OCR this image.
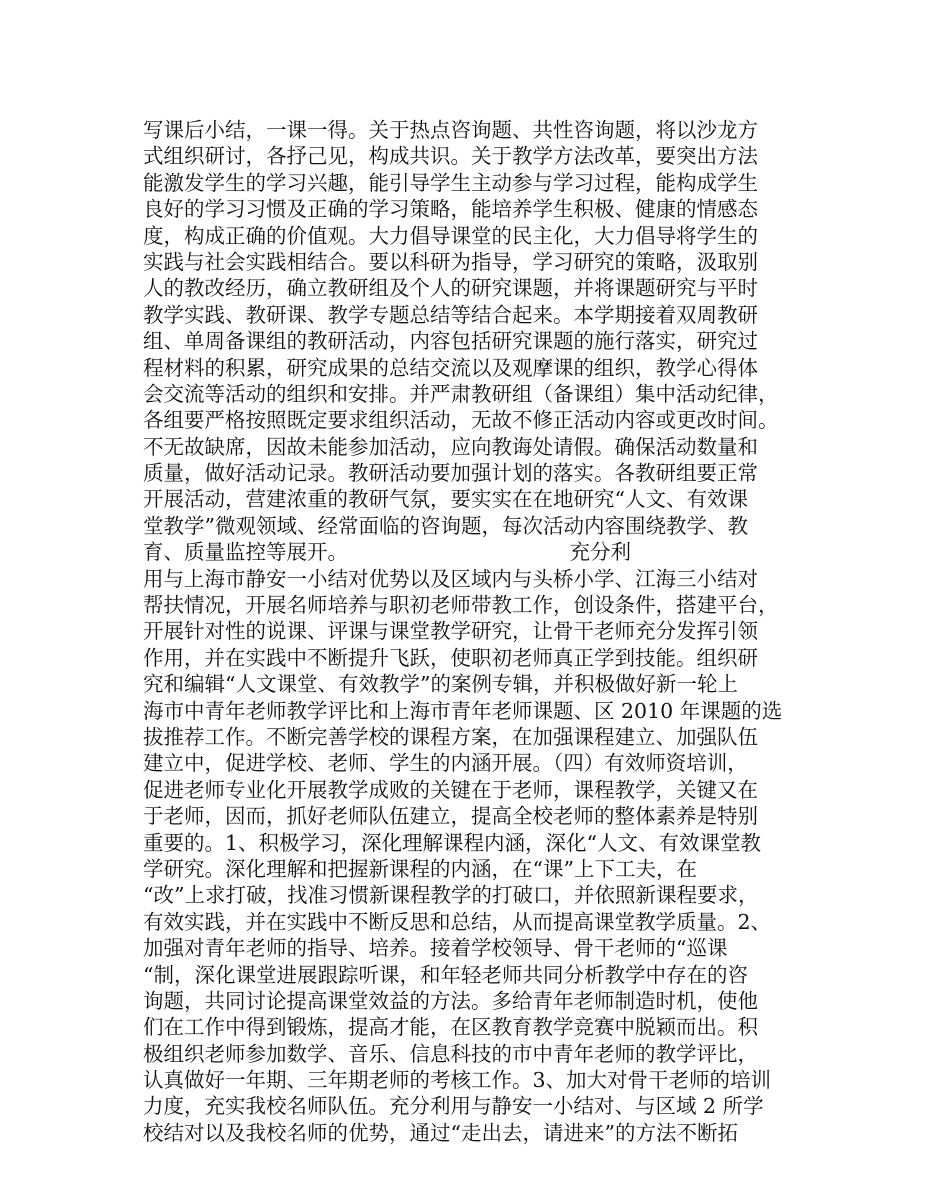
写课后小结，一课一得。关于热点咨询题、共性咨询题，将以沙龙方
式组织研讨，各抒己见，构成共识。关于教学方法改革，要突出方法
能激发学生的学习兴趣，能引导学生主动参与学习过程，能构成学生
良好的学习习惯及正确的学习策略，能培养学生积极、健康的情感态
度，构成正确的价值观。大力倡导课堂的民主化，大力倡导将学生的
实践与社会实践相结合。要以科研为指导，学习研究的策略，汲取别
人的教改经历，确立教研组及个人的研究课题，并将课题研究与平时
教学实践、教研课、教学专题总结等结合起来。本学期接着双周教研
组、单周备课组的教研活动，内容包括研究课题的施行落实，研究过
程材料的积累，研究成果的总结交流以及观摩课的组织，教学心得体
会交流等活动的组织和安排。并严肃教研组（备课组）集中活动纪律，
各组要严格按照既定要求组织活动，无故不修正活动内容或更改时间。
不无故缺席，因故未能参加活动，应向教诲处请假。确保活动数量和
质量，做好活动记录。教研活动要加强计划的落实。各教研组要正常
开展活动，营建浓重的教研气氛，要实实在在地研究“人文、有效课
堂教学”微观领域、经常面临的咨询题，每次活动内容围绕教学、教
育、质量监控等展开。                                  充分利
用与上海市静安一小结对优势以及区域内与头桥小学、江海三小结对
帮扶情况，开展名师培养与职初老师带教工作，创设条件，搭建平台，
开展针对性的说课、评课与课堂教学研究，让骨干老师充分发挥引领
作用，并在实践中不断提升飞跃，使职初老师真正学到技能。组织研
究和编辑“人文课堂、有效教学”的案例专辑，并积极做好新一轮上
海市中青年老师教学评比和上海市青年老师课题、区 2010 年课题的选
拔推荐工作。不断完善学校的课程方案，在加强课程建立、加强队伍
建立中，促进学校、老师、学生的内涵开展。（四）有效师资培训，
促进老师专业化开展教学成败的关键在于老师，课程教学，关键又在
于老师，因而，抓好老师队伍建立，提高全校老师的整体素养是特别
重要的。1、积极学习，深化理解课程内涵，深化“人文、有效课堂教
学研究。深化理解和把握新课程的内涵，在“课”上下工夫，在
“改”上求打破，找准习惯新课程教学的打破口，并依照新课程要求，
有效实践，并在实践中不断反思和总结，从而提高课堂教学质量。2、
加强对青年老师的指导、培养。接着学校领导、骨干老师的“巡课
“制，深化课堂进展跟踪听课，和年轻老师共同分析教学中存在的咨
询题，共同讨论提高课堂效益的方法。多给青年老师制造时机，使他
们在工作中得到锻炼，提高才能，在区教育教学竞赛中脱颖而出。积
极组织老师参加数学、音乐、信息科技的市中青年老师的教学评比，
认真做好一年期、三年期老师的考核工作。3、加大对骨干老师的培训
力度，充实我校名师队伍。充分利用与静安一小结对、与区域 2 所学
校结对以及我校名师的优势，通过“走出去，请进来”的方法不断拓
